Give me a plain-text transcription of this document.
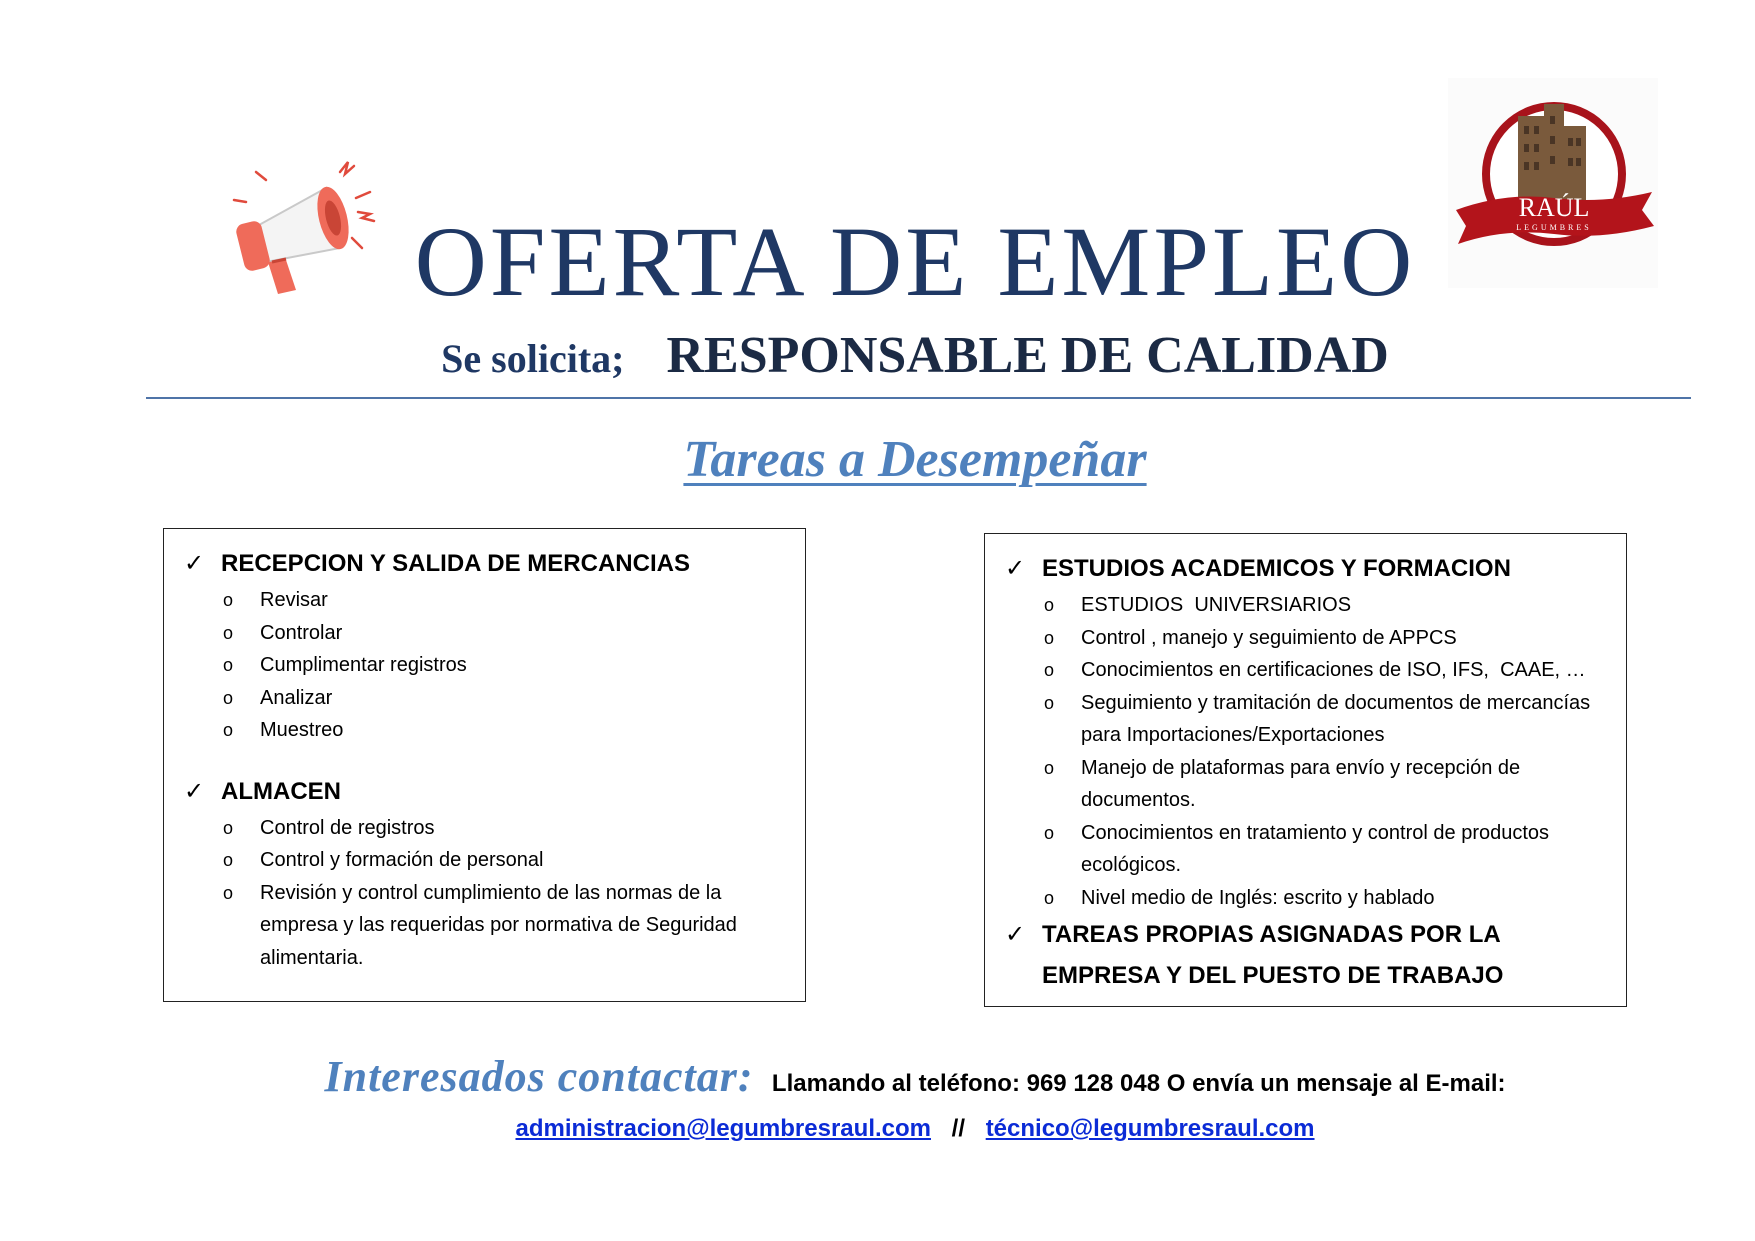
RAÚL
LEGUMBRES
OFERTA DE EMPLEO
Se solicita; RESPONSABLE DE CALIDAD
Tareas a Desempeñar
✓ RECEPCION Y SALIDA DE MERCANCIAS
o	Revisar
o	Controlar
o	Cumplimentar registros
o	Analizar
o	Muestreo
✓ ALMACEN
o	Control de registros
o	Control y formación de personal
o	Revisión y control cumplimiento de las normas de la empresa y las requeridas por normativa de Seguridad alimentaria.
✓ ESTUDIOS ACADEMICOS Y FORMACION
o	ESTUDIOS  UNIVERSIARIOS
o	Control , manejo y seguimiento de APPCS
o	Conocimientos en certificaciones de ISO, IFS,  CAAE, …
o	Seguimiento y tramitación de documentos de mercancías para Importaciones/Exportaciones
o	Manejo de plataformas para envío y recepción de documentos.
o	Conocimientos en tratamiento y control de productos ecológicos.
o	Nivel medio de Inglés: escrito y hablado
✓ TAREAS PROPIAS ASIGNADAS POR LA EMPRESA Y DEL PUESTO DE TRABAJO
Interesados contactar: Llamando al teléfono: 969 128 048 O envía un mensaje al E-mail:
administracion@legumbresraul.com // técnico@legumbresraul.com
